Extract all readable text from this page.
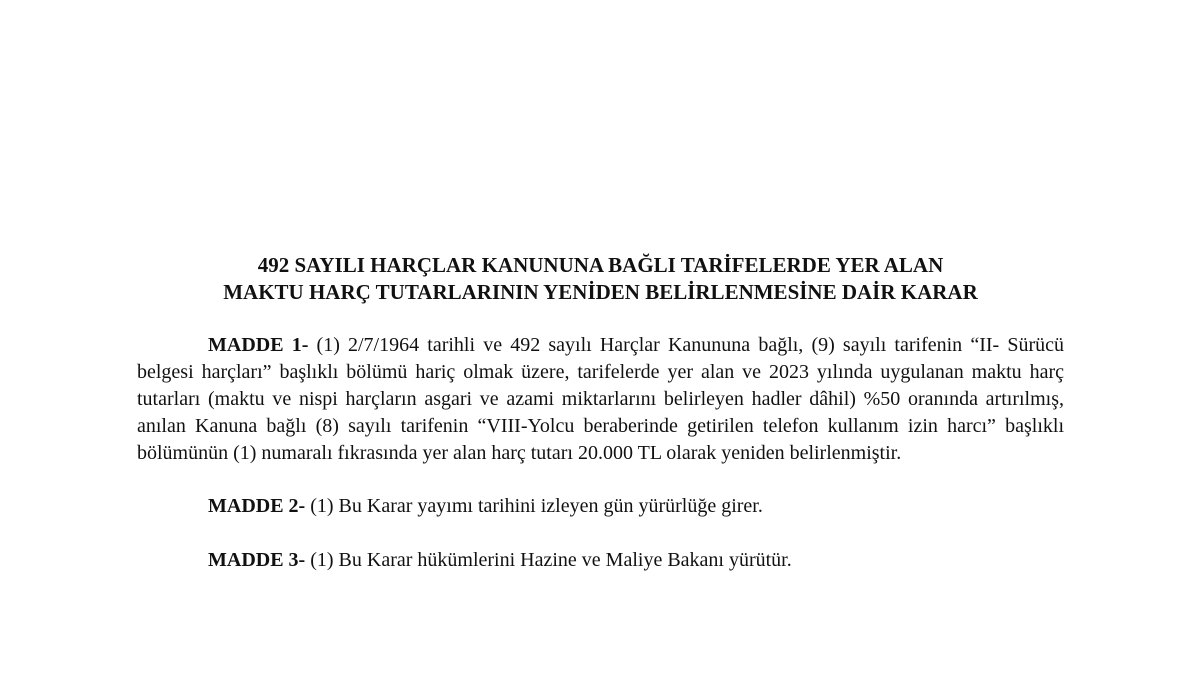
492 SAYILI HARÇLAR KANUNUNA BAĞLI TARİFELERDE YER ALAN
MAKTU HARÇ TUTARLARININ YENİDEN BELİRLENMESİNE DAİR KARAR

MADDE 1- (1) 2/7/1964 tarihli ve 492 sayılı Harçlar Kanununa bağlı, (9) sayılı tarifenin “II- Sürücü belgesi harçları” başlıklı bölümü hariç olmak üzere, tarifelerde yer alan ve 2023 yılında uygulanan maktu harç tutarları (maktu ve nispi harçların asgari ve azami miktarlarını belirleyen hadler dâhil) %50 oranında artırılmış, anılan Kanuna bağlı (8) sayılı tarifenin “VIII-Yolcu beraberinde getirilen telefon kullanım izin harcı” başlıklı bölümünün (1) numaralı fıkrasında yer alan harç tutarı 20.000 TL olarak yeniden belirlenmiştir.

MADDE 2- (1) Bu Karar yayımı tarihini izleyen gün yürürlüğe girer.

MADDE 3- (1) Bu Karar hükümlerini Hazine ve Maliye Bakanı yürütür.
